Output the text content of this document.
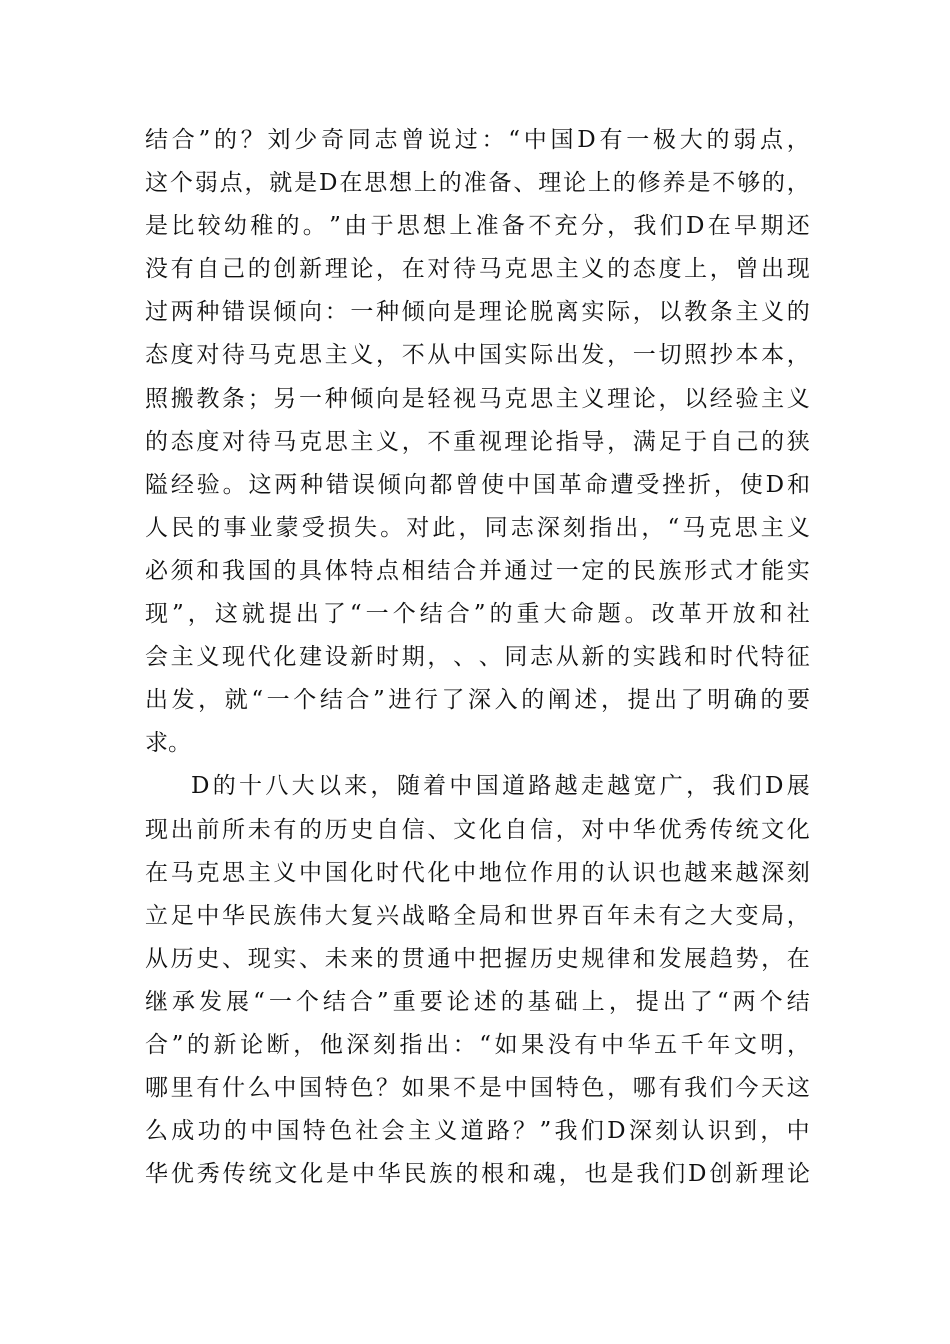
结 合 ” 的 ？ 刘 少 奇 同 志 曾 说 过 ： “ 中 国 D 有 一 极 大 的 弱 点 ，
这 个 弱 点 ， 就 是 D 在 思 想 上 的 准 备 、 理 论 上 的 修 养 是 不 够 的 ，
是 比 较 幼 稚 的 。 ” 由 于 思 想 上 准 备 不 充 分 ， 我 们 D 在 早 期 还
没 有 自 己 的 创 新 理 论 ， 在 对 待 马 克 思 主 义 的 态 度 上 ， 曾 出 现
过 两 种 错 误 倾 向 ： 一 种 倾 向 是 理 论 脱 离 实 际 ， 以 教 条 主 义 的
态 度 对 待 马 克 思 主 义 ， 不 从 中 国 实 际 出 发 ， 一 切 照 抄 本 本 ，
照 搬 教 条 ； 另 一 种 倾 向 是 轻 视 马 克 思 主 义 理 论 ， 以 经 验 主 义
的 态 度 对 待 马 克 思 主 义 ， 不 重 视 理 论 指 导 ， 满 足 于 自 己 的 狭
隘 经 验 。 这 两 种 错 误 倾 向 都 曾 使 中 国 革 命 遭 受 挫 折 ， 使 D 和
人 民 的 事 业 蒙 受 损 失 。 对 此 ， 同 志 深 刻 指 出 ， “ 马 克 思 主 义
必 须 和 我 国 的 具 体 特 点 相 结 合 并 通 过 一 定 的 民 族 形 式 才 能 实
现 ” ， 这 就 提 出 了 “ 一 个 结 合 ” 的 重 大 命 题 。 改 革 开 放 和 社
会 主 义 现 代 化 建 设 新 时 期 ， 、 、 同 志 从 新 的 实 践 和 时 代 特 征
出 发 ， 就 “ 一 个 结 合 ” 进 行 了 深 入 的 阐 述 ， 提 出 了 明 确 的 要
求 。
D 的 十 八 大 以 来 ， 随 着 中 国 道 路 越 走 越 宽 广 ， 我 们 D 展
现 出 前 所 未 有 的 历 史 自 信 、 文 化 自 信 ， 对 中 华 优 秀 传 统 文 化
在 马 克 思 主 义 中 国 化 时 代 化 中 地 位 作 用 的 认 识 也 越 来 越 深 刻
立 足 中 华 民 族 伟 大 复 兴 战 略 全 局 和 世 界 百 年 未 有 之 大 变 局 ，
从 历 史 、 现 实 、 未 来 的 贯 通 中 把 握 历 史 规 律 和 发 展 趋 势 ， 在
继 承 发 展 “ 一 个 结 合 ” 重 要 论 述 的 基 础 上 ， 提 出 了 “ 两 个 结
合 ” 的 新 论 断 ， 他 深 刻 指 出 ： “ 如 果 没 有 中 华 五 千 年 文 明 ，
哪 里 有 什 么 中 国 特 色 ？ 如 果 不 是 中 国 特 色 ， 哪 有 我 们 今 天 这
么 成 功 的 中 国 特 色 社 会 主 义 道 路 ？ ” 我 们 D 深 刻 认 识 到 ， 中
华 优 秀 传 统 文 化 是 中 华 民 族 的 根 和 魂 ， 也 是 我 们 D 创 新 理 论
